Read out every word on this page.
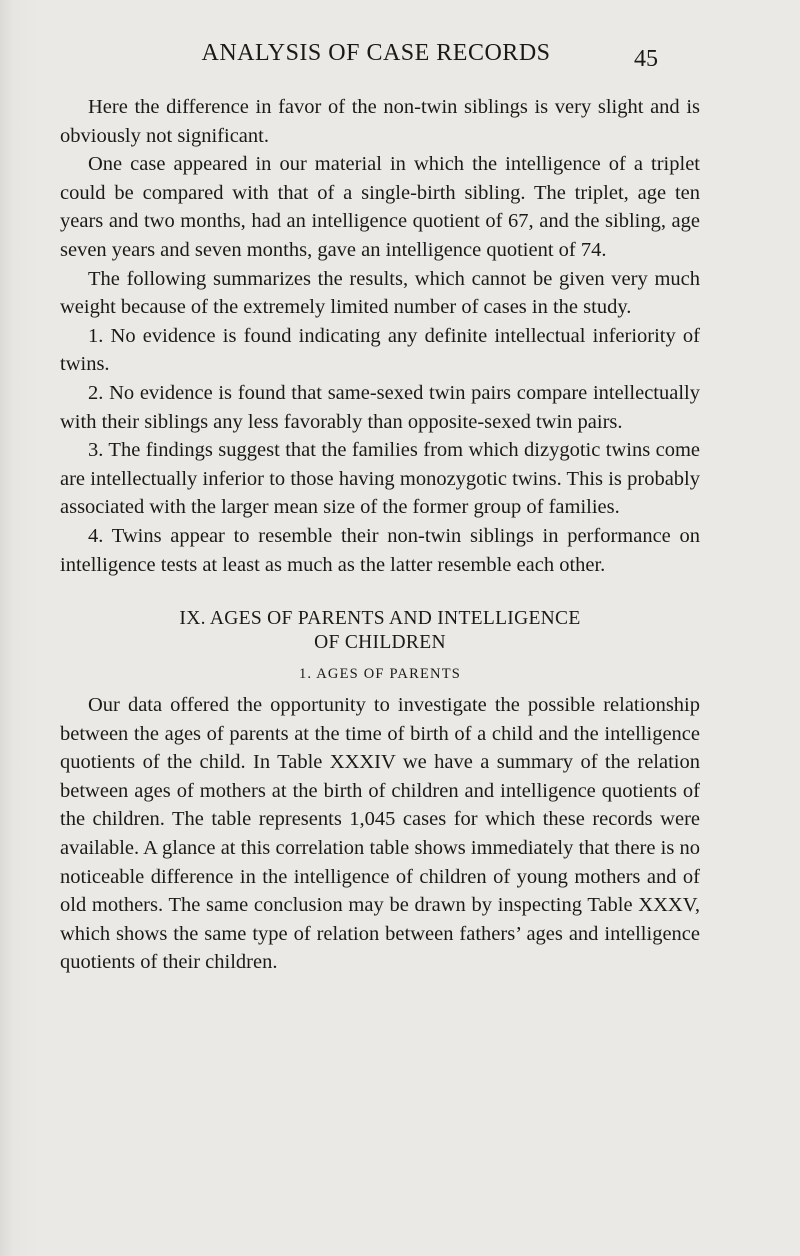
ANALYSIS OF CASE RECORDS	45

Here the difference in favor of the non-twin siblings is very slight and is obviously not significant.

One case appeared in our material in which the intelligence of a triplet could be compared with that of a single-birth sibling. The triplet, age ten years and two months, had an intelligence quotient of 67, and the sibling, age seven years and seven months, gave an intelligence quotient of 74.

The following summarizes the results, which cannot be given very much weight because of the extremely limited number of cases in the study.

1. No evidence is found indicating any definite intellectual inferiority of twins.

2. No evidence is found that same-sexed twin pairs compare intellectually with their siblings any less favorably than opposite-sexed twin pairs.

3. The findings suggest that the families from which dizygotic twins come are intellectually inferior to those having monozygotic twins. This is probably associated with the larger mean size of the former group of families.

4. Twins appear to resemble their non-twin siblings in performance on intelligence tests at least as much as the latter resemble each other.

IX. AGES OF PARENTS AND INTELLIGENCE
OF CHILDREN
1. AGES OF PARENTS

Our data offered the opportunity to investigate the possible relationship between the ages of parents at the time of birth of a child and the intelligence quotients of the child. In Table XXXIV we have a summary of the relation between ages of mothers at the birth of children and intelligence quotients of the children. The table represents 1,045 cases for which these records were available. A glance at this correlation table shows immediately that there is no noticeable difference in the intelligence of children of young mothers and of old mothers. The same conclusion may be drawn by inspecting Table XXXV, which shows the same type of relation between fathers’ ages and intelligence quotients of their children.
